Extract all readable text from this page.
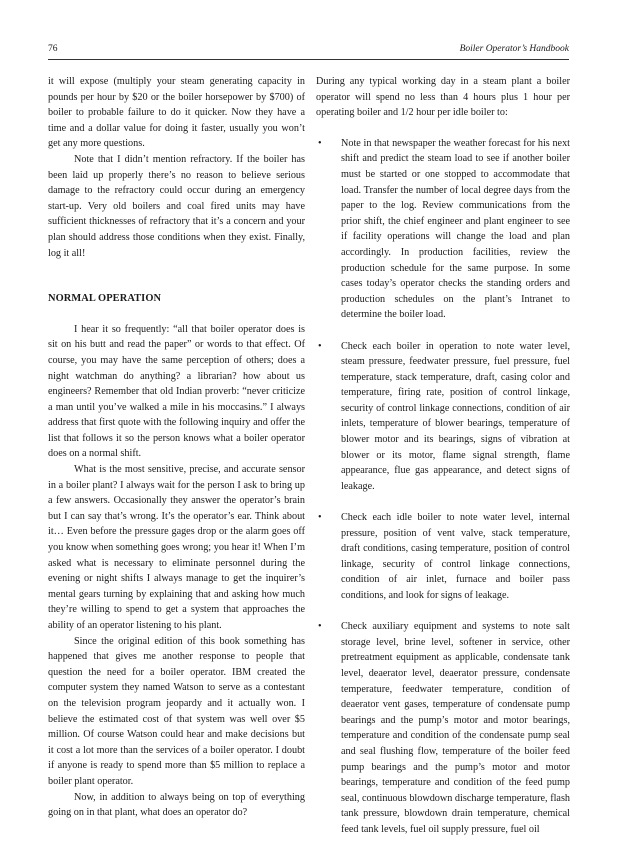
76	Boiler Operator’s Handbook

it will expose (multiply your steam generating capacity in pounds per hour by $20 or the boiler horsepower by $700) of boiler to probable failure to do it quicker. Now they have a time and a dollar value for doing it faster, usually you won’t get any more questions.

Note that I didn’t mention refractory. If the boiler has been laid up properly there’s no reason to believe serious damage to the refractory could occur during an emergency start-up. Very old boilers and coal fired units may have sufficient thicknesses of refractory that it’s a concern and your plan should address those conditions when they exist. Finally, log it all!

NORMAL OPERATION

I hear it so frequently: “all that boiler operator does is sit on his butt and read the paper” or words to that effect. Of course, you may have the same perception of others; does a night watchman do anything? a librarian? how about us engineers? Remember that old Indian proverb: “never criticize a man until you’ve walked a mile in his moccasins.” I always address that first quote with the following inquiry and offer the list that follows it so the person knows what a boiler operator does on a normal shift.

What is the most sensitive, precise, and accurate sensor in a boiler plant? I always wait for the person I ask to bring up a few answers. Occasionally they answer the operator’s brain but I can say that’s wrong. It’s the operator’s ear. Think about it… Even before the pressure gages drop or the alarm goes off you know when something goes wrong; you hear it! When I’m asked what is necessary to eliminate personnel during the evening or night shifts I always manage to get the inquirer’s mental gears turning by explaining that and asking how much they’re willing to spend to get a system that approaches the ability of an operator listening to his plant.

Since the original edition of this book something has happened that gives me another response to people that question the need for a boiler operator. IBM created the computer system they named Watson to serve as a contestant on the television program jeopardy and it actually won. I believe the estimated cost of that system was well over $5 million. Of course Watson could hear and make decisions but it cost a lot more than the services of a boiler operator. I doubt if anyone is ready to spend more than $5 million to replace a boiler plant operator.

Now, in addition to always being on top of everything going on in that plant, what does an operator do?

During any typical working day in a steam plant a boiler operator will spend no less than 4 hours plus 1 hour per operating boiler and 1/2 hour per idle boiler to:

• Note in that newspaper the weather forecast for his next shift and predict the steam load to see if another boiler must be started or one stopped to accommodate that load. Transfer the number of local degree days from the paper to the log. Review communications from the prior shift, the chief engineer and plant engineer to see if facility operations will change the load and plan accordingly. In production facilities, review the production schedule for the same purpose. In some cases today’s operator checks the standing orders and production schedules on the plant’s Intranet to determine the boiler load.
• Check each boiler in operation to note water level, steam pressure, feedwater pressure, fuel pressure, fuel temperature, stack temperature, draft, casing color and temperature, firing rate, position of control linkage, security of control linkage connections, condition of air inlets, temperature of blower bearings, temperature of blower motor and its bearings, signs of vibration at blower or its motor, flame signal strength, flame appearance, flue gas appearance, and detect signs of leakage.
• Check each idle boiler to note water level, internal pressure, position of vent valve, stack temperature, draft conditions, casing temperature, position of control linkage, security of control linkage connections, condition of air inlet, furnace and boiler pass conditions, and look for signs of leakage.
• Check auxiliary equipment and systems to note salt storage level, brine level, softener in service, other pretreatment equipment as applicable, condensate tank level, deaerator level, deaerator pressure, condensate temperature, feedwater temperature, condition of deaerator vent gases, temperature of condensate pump bearings and the pump’s motor and motor bearings, temperature and condition of the condensate pump seal and seal flushing flow, temperature of the boiler feed pump bearings and the pump’s motor and motor bearings, temperature and condition of the feed pump seal, continuous blowdown discharge temperature, flash tank pressure, blowdown drain temperature, chemical feed tank levels, fuel oil supply pressure, fuel oil
